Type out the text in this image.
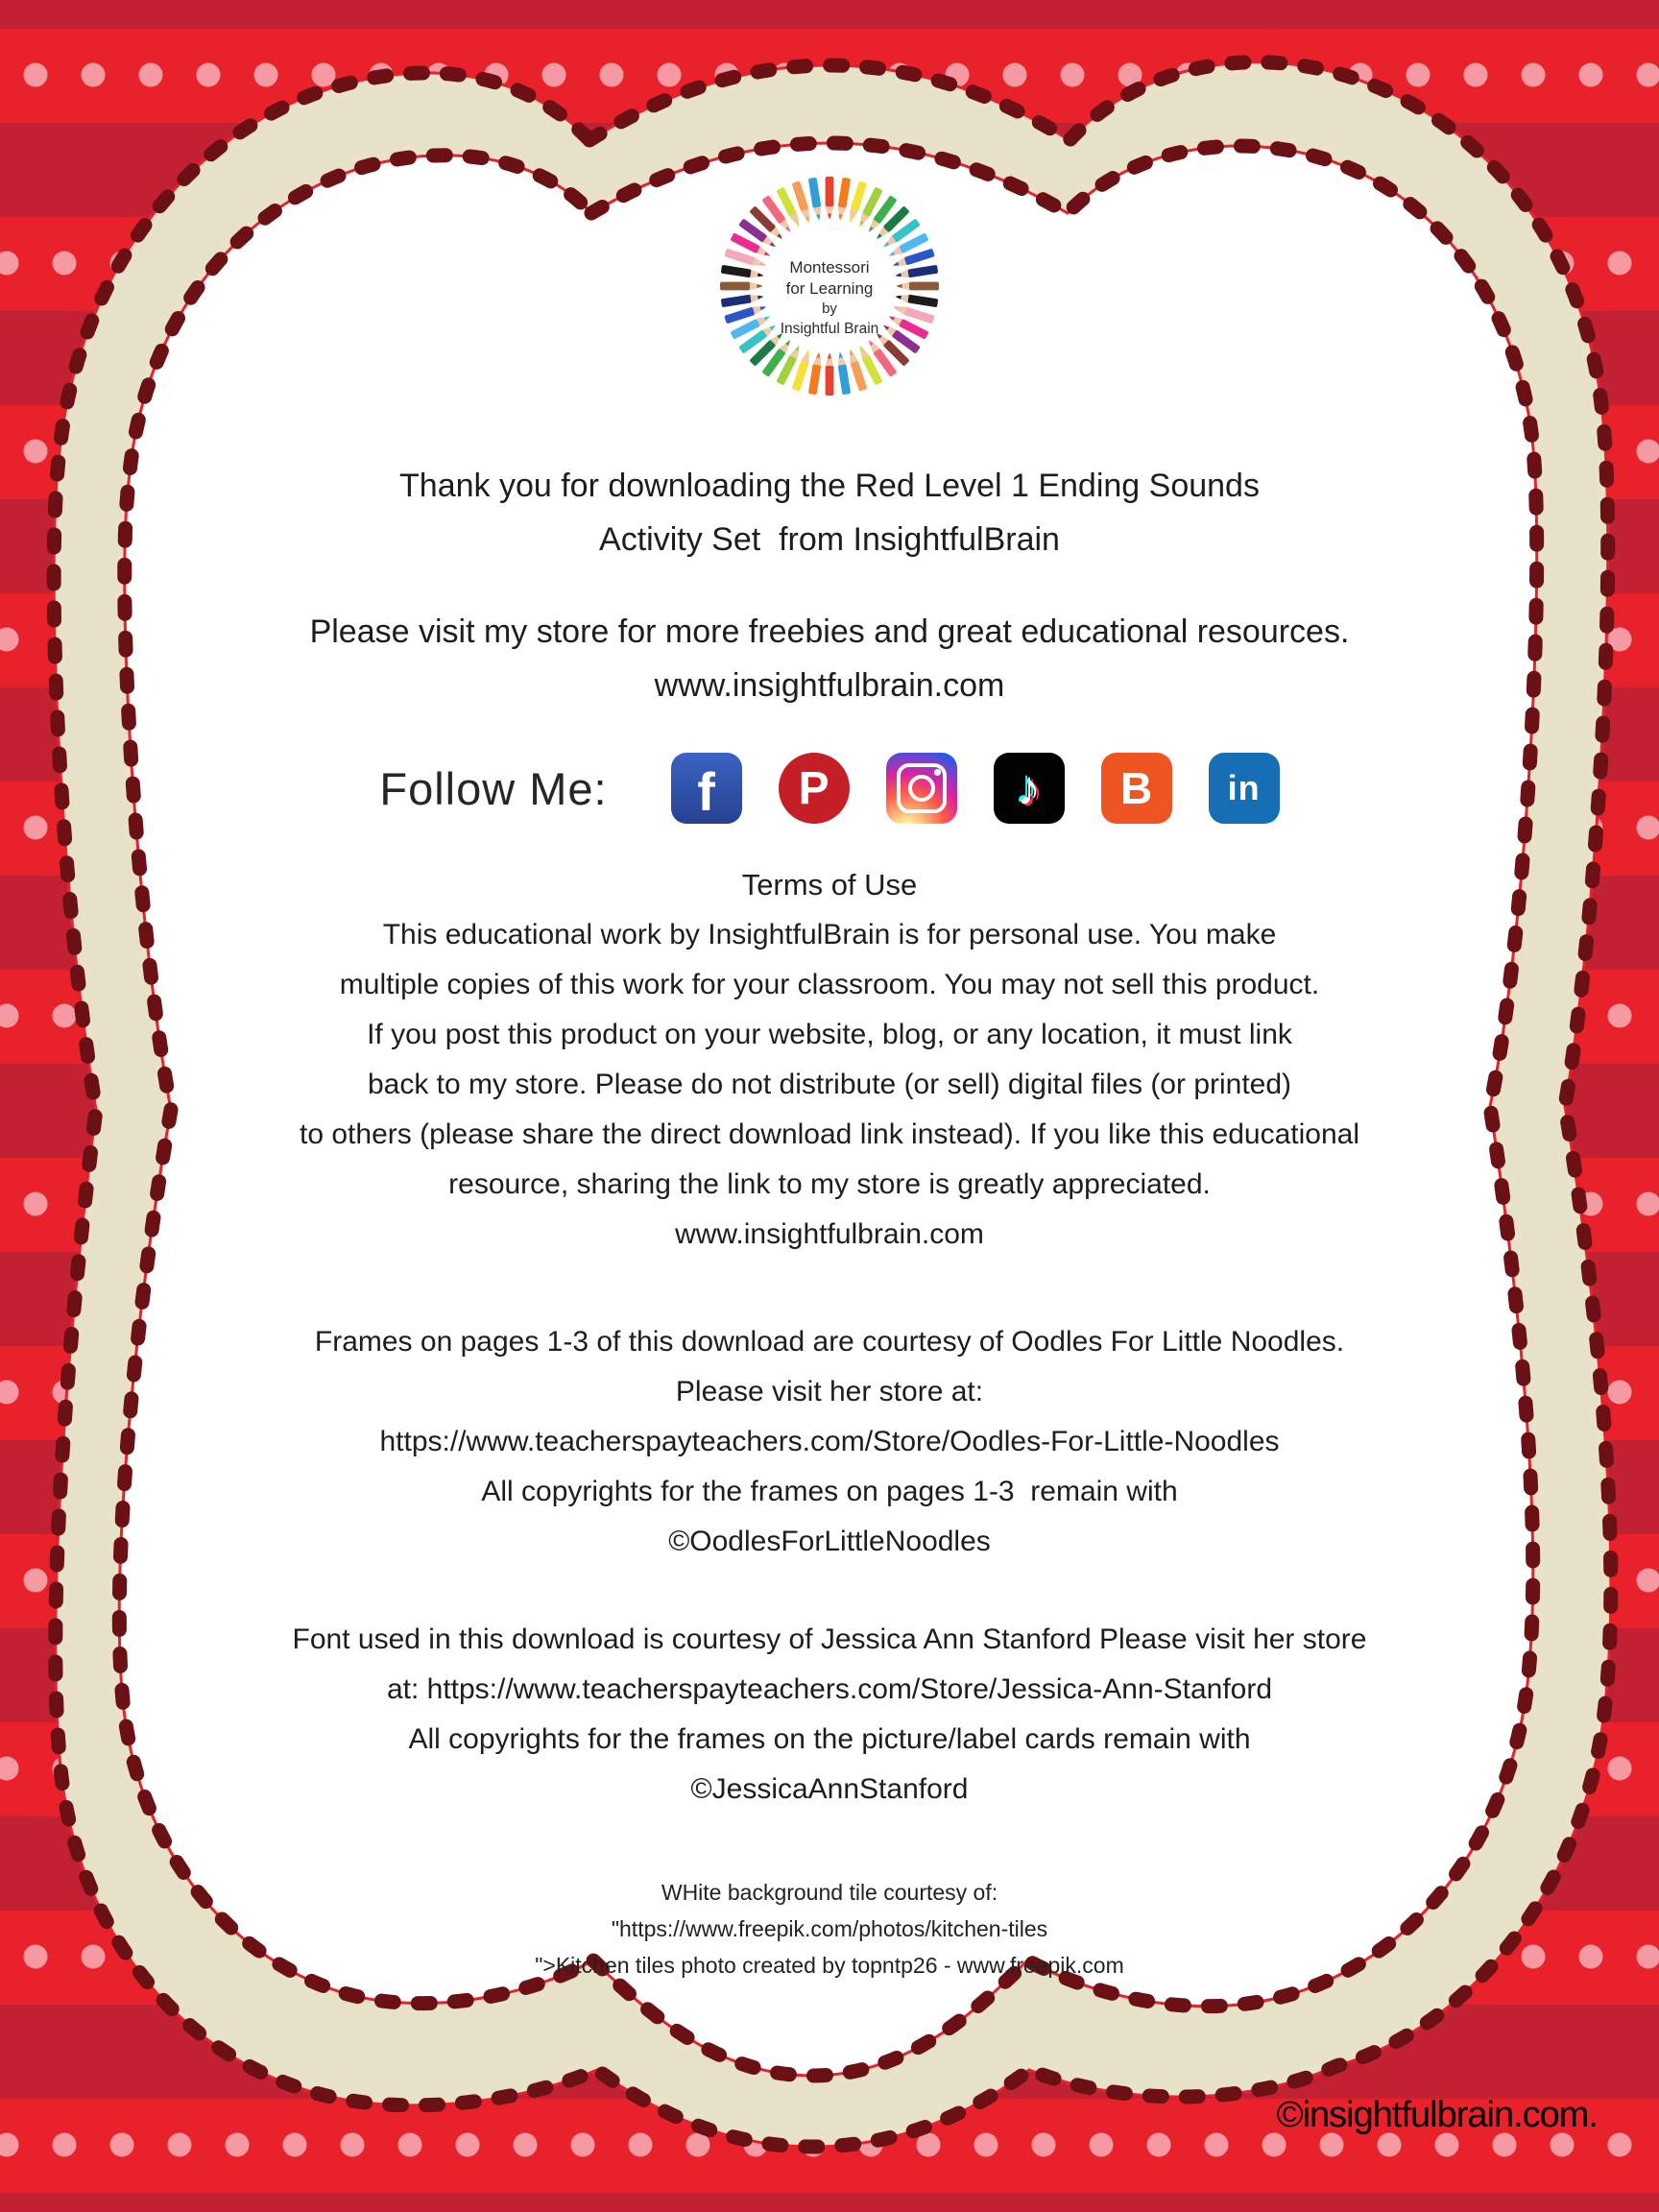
Montessori
for Learning
by
Insightful Brain
Thank you for downloading the Red Level 1 Ending Sounds
Activity Set  from InsightfulBrain
Please visit my store for more freebies and great educational resources.
www.insightfulbrain.com
Follow Me: f P	♪ B in
Terms of Use
This educational work by InsightfulBrain is for personal use. You make
multiple copies of this work for your classroom. You may not sell this product.
If you post this product on your website, blog, or any location, it must link
back to my store. Please do not distribute (or sell) digital files (or printed)
to others (please share the direct download link instead). If you like this educational
resource, sharing the link to my store is greatly appreciated.
www.insightfulbrain.com
Frames on pages 1-3 of this download are courtesy of Oodles For Little Noodles.
Please visit her store at:
https://www.teacherspayteachers.com/Store/Oodles-For-Little-Noodles
All copyrights for the frames on pages 1-3  remain with
©OodlesForLittleNoodles
Font used in this download is courtesy of Jessica Ann Stanford Please visit her store
at: https://www.teacherspayteachers.com/Store/Jessica-Ann-Stanford
All copyrights for the frames on the picture/label cards remain with
©JessicaAnnStanford
WHite background tile courtesy of:
"https://www.freepik.com/photos/kitchen-tiles
">Kitchen tiles photo created by topntp26 - www.freepik.com
©insightfulbrain.com.
